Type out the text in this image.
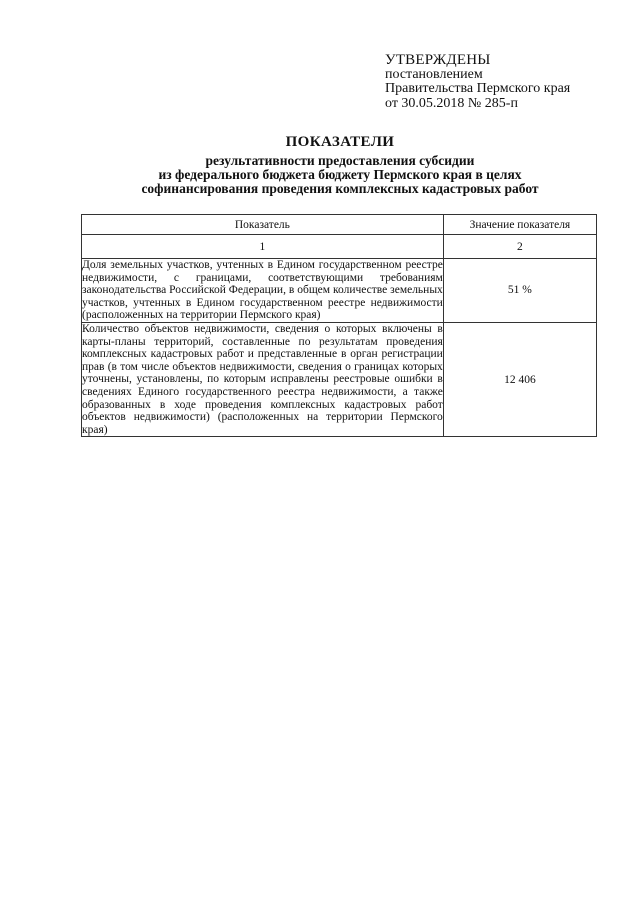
УТВЕРЖДЕНЫ
постановлением
Правительства Пермского края
от 30.05.2018 № 285-п
ПОКАЗАТЕЛИ
результативности предоставления субсидии
из федерального бюджета бюджету Пермского края в целях
софинансирования проведения комплексных кадастровых работ
Показатель	Значение показателя
1	2
Доля земельных участков, учтенных в Едином государственном реестре недвижимости, с границами, соответствующими требованиям законодательства Российской Федерации, в общем количестве земельных участков, учтенных в Едином государственном реестре недвижимости (расположенных на территории Пермского края)	51 %
Количество объектов недвижимости, сведения о которых включены в карты-планы территорий, составленные по результатам проведения комплексных кадастровых работ и представленные в орган регистрации прав (в том числе объектов недвижимости, сведения о границах которых уточнены, установлены, по которым исправлены реестровые ошибки в сведениях Единого государственного реестра недвижимости, а также образованных в ходе проведения комплексных кадастровых работ объектов недвижимости) (расположенных на территории Пермского края)	12 406
